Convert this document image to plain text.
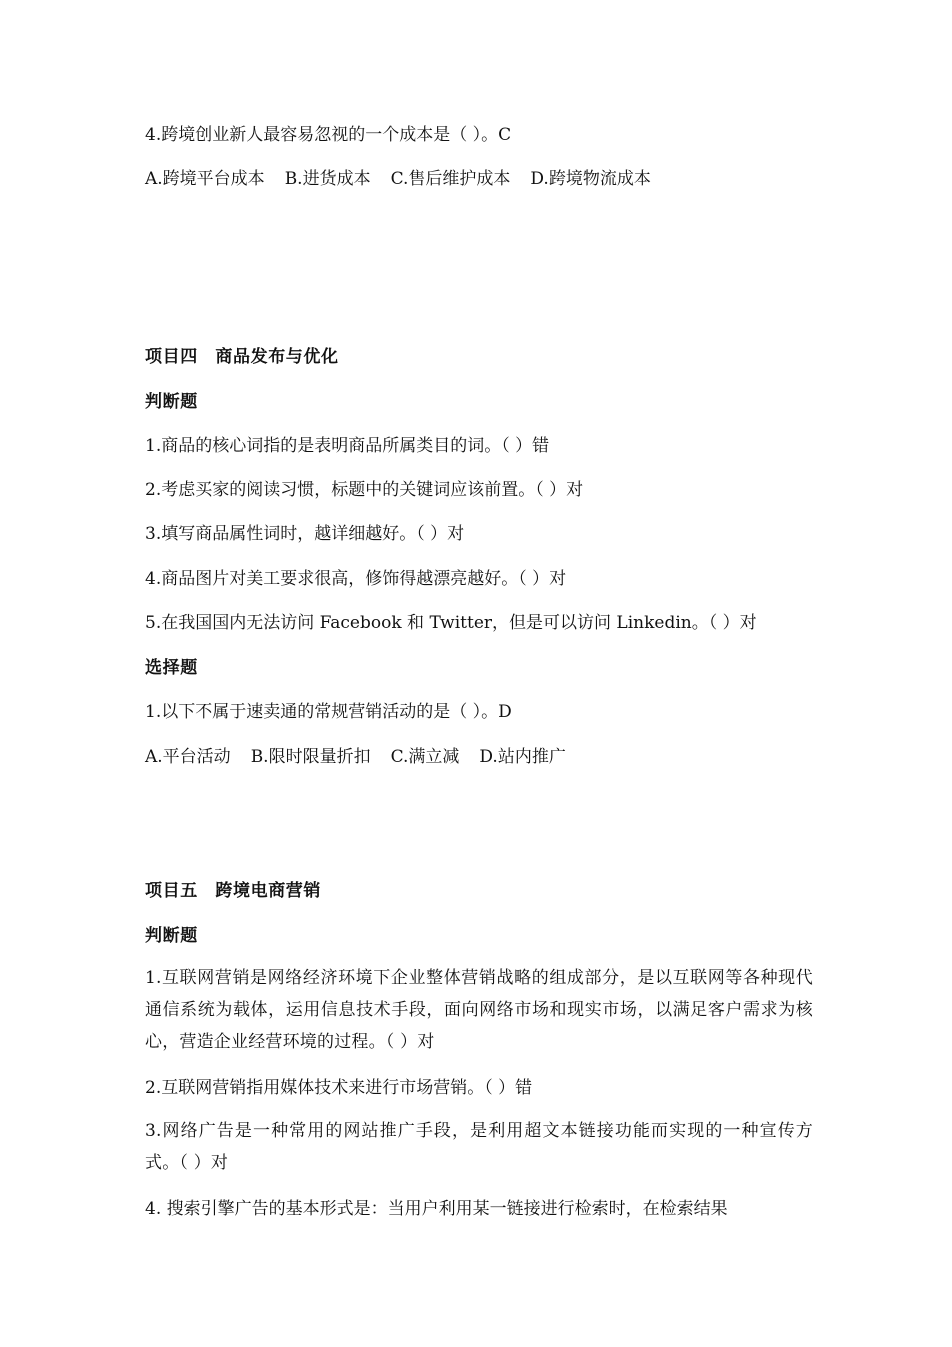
4.跨境创业新人最容易忽视的一个成本是（ ）。C
A.跨境平台成本 B.进货成本 C.售后维护成本 D.跨境物流成本
项目四　商品发布与优化
判断题
1.商品的核心词指的是表明商品所属类目的词。（ ）错
2.考虑买家的阅读习惯，标题中的关键词应该前置。（ ）对
3.填写商品属性词时，越详细越好。（ ）对
4.商品图片对美工要求很高，修饰得越漂亮越好。（ ）对
5.在我国国内无法访问 Facebook 和 Twitter，但是可以访问 Linkedin。（ ）对
选择题
1.以下不属于速卖通的常规营销活动的是（ ）。D
A.平台活动 B.限时限量折扣 C.满立减 D.站内推广
项目五　跨境电商营销
判断题
1.互联网营销是网络经济环境下企业整体营销战略的组成部分，是以互联网等各种现代通信系统为载体，运用信息技术手段，面向网络市场和现实市场，以满足客户需求为核心，营造企业经营环境的过程。（ ）对
2.互联网营销指用媒体技术来进行市场营销。（ ）错
3.网络广告是一种常用的网站推广手段，是利用超文本链接功能而实现的一种宣传方式。（ ）对
4. 搜索引擎广告的基本形式是：当用户利用某一链接进行检索时，在检索结果
